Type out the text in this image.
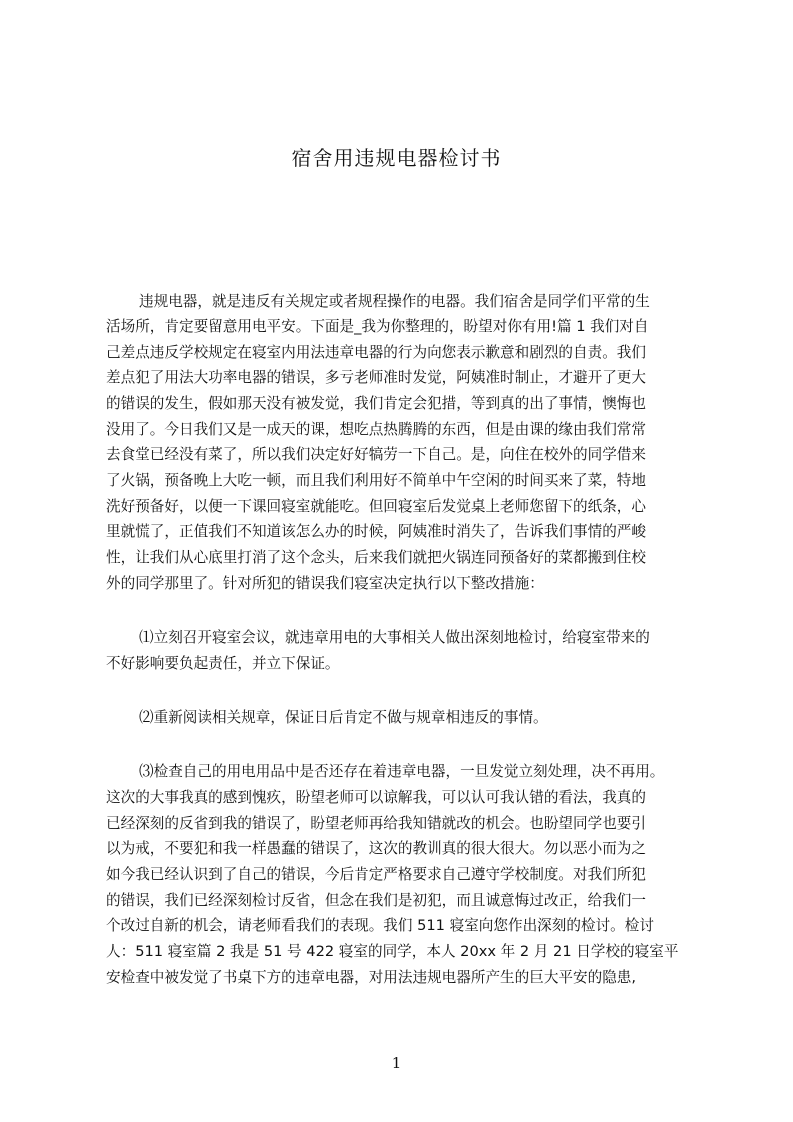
宿舍用违规电器检讨书
违规电器，就是违反有关规定或者规程操作的电器。我们宿舍是同学们平常的生
活场所，肯定要留意用电平安。下面是_我为你整理的，盼望对你有用!篇 1 我们对自
己差点违反学校规定在寝室内用法违章电器的行为向您表示歉意和剧烈的自责。我们
差点犯了用法大功率电器的错误，多亏老师准时发觉，阿姨准时制止，才避开了更大
的错误的发生，假如那天没有被发觉，我们肯定会犯措，等到真的出了事情，懊悔也
没用了。今日我们又是一成天的课，想吃点热腾腾的东西，但是由课的缘由我们常常
去食堂已经没有菜了，所以我们决定好好犒劳一下自己。是，向住在校外的同学借来
了火锅，预备晚上大吃一顿，而且我们利用好不简单中午空闲的时间买来了菜，特地
洗好预备好，以便一下课回寝室就能吃。但回寝室后发觉桌上老师您留下的纸条，心
里就慌了，正值我们不知道该怎么办的时候，阿姨准时消失了，告诉我们事情的严峻
性，让我们从心底里打消了这个念头，后来我们就把火锅连同预备好的菜都搬到住校
外的同学那里了。针对所犯的错误我们寝室决定执行以下整改措施：
⑴立刻召开寝室会议，就违章用电的大事相关人做出深刻地检讨，给寝室带来的
不好影响要负起责任，并立下保证。
⑵重新阅读相关规章，保证日后肯定不做与规章相违反的事情。
⑶检查自己的用电用品中是否还存在着违章电器，一旦发觉立刻处理，决不再用。
这次的大事我真的感到愧疚，盼望老师可以谅解我，可以认可我认错的看法，我真的
已经深刻的反省到我的错误了，盼望老师再给我知错就改的机会。也盼望同学也要引
以为戒，不要犯和我一样愚蠢的错误了，这次的教训真的很大很大。勿以恶小而为之
如今我已经认识到了自己的错误，今后肯定严格要求自己遵守学校制度。对我们所犯
的错误，我们已经深刻检讨反省，但念在我们是初犯，而且诚意悔过改正，给我们一
个改过自新的机会，请老师看我们的表现。我们 511 寝室向您作出深刻的检讨。检讨
人：511 寝室篇 2 我是 51 号 422 寝室的同学，本人 20xx 年 2 月 21 日学校的寝室平
安检查中被发觉了书桌下方的违章电器，对用法违规电器所产生的巨大平安的隐患,
1
